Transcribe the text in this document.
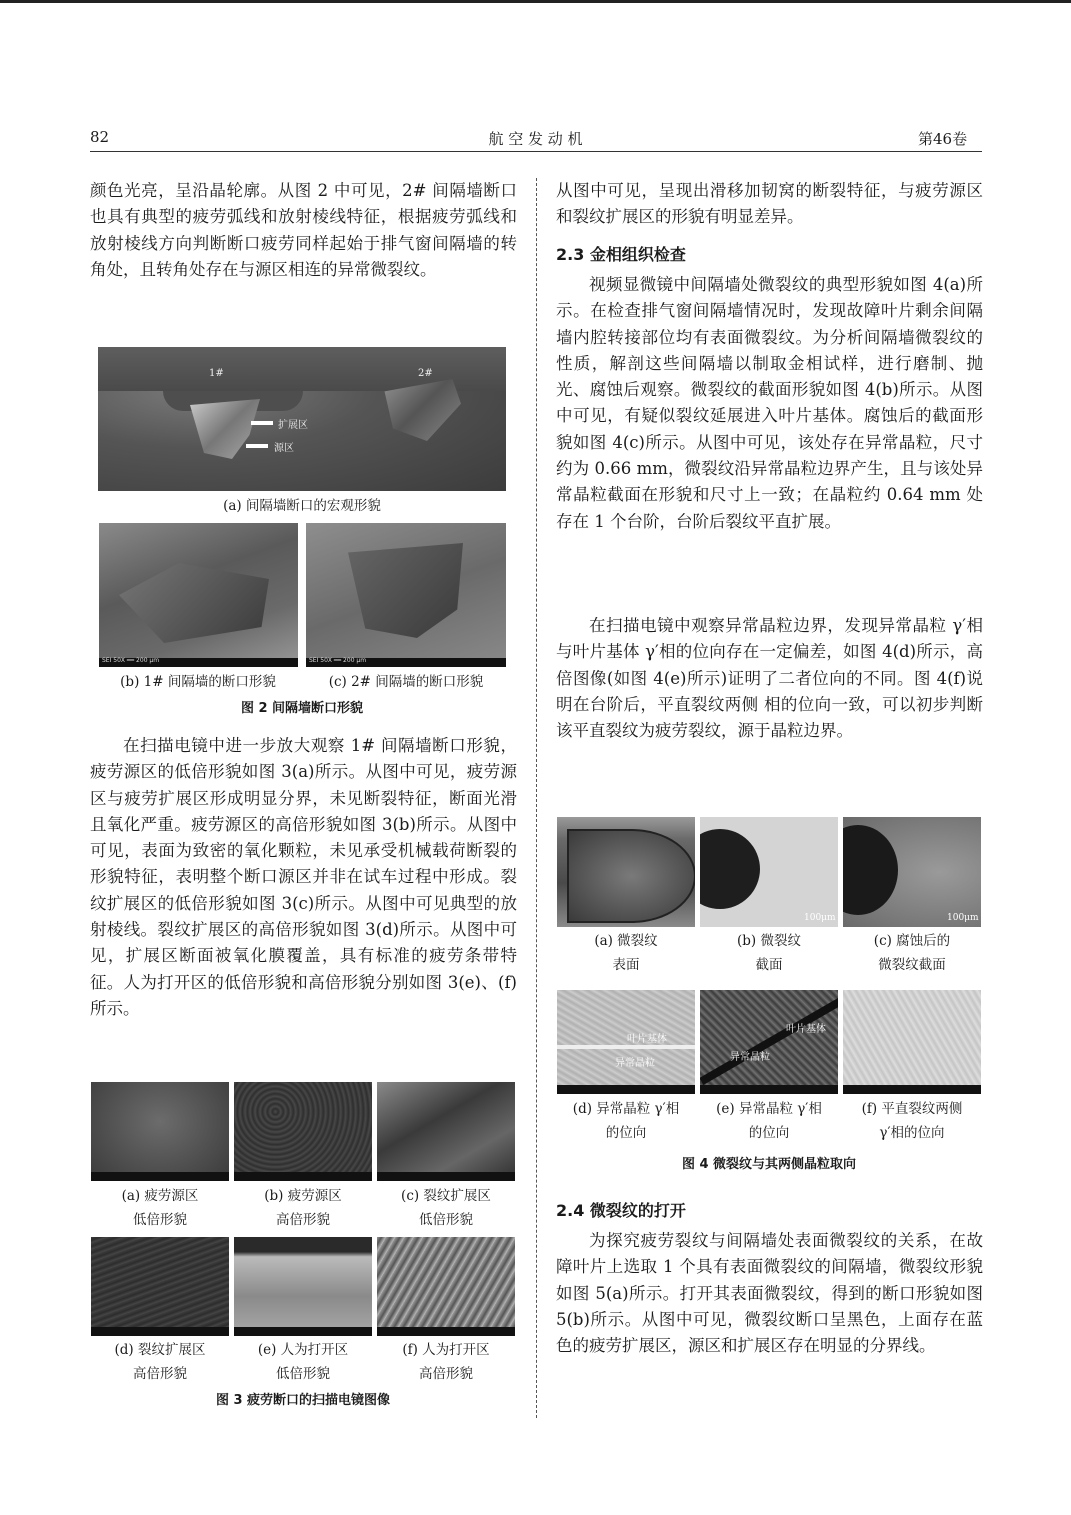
82	航 空 发 动 机	第46卷

颜色光亮，呈沿晶轮廓。从图 2 中可见，2# 间隔墙断口也具有典型的疲劳弧线和放射棱线特征，根据疲劳弧线和放射棱线方向判断断口疲劳同样起始于排气窗间隔墙的转角处，且转角处存在与源区相连的异常微裂纹。

1#	2#
扩展区
源区
(a) 间隔墙断口的宏观形貌
SEI 50X ━━ 200 μm	SEI 50X ━━ 200 μm
(b) 1# 间隔墙的断口形貌	(c) 2# 间隔墙的断口形貌
图 2 间隔墙断口形貌

在扫描电镜中进一步放大观察 1# 间隔墙断口形貌，疲劳源区的低倍形貌如图 3(a)所示。从图中可见，疲劳源区与疲劳扩展区形成明显分界，未见断裂特征，断面光滑且氧化严重。疲劳源区的高倍形貌如图 3(b)所示。从图中可见，表面为致密的氧化颗粒，未见承受机械载荷断裂的形貌特征，表明整个断口源区并非在试车过程中形成。裂纹扩展区的低倍形貌如图 3(c)所示。从图中可见典型的放射棱线。裂纹扩展区的高倍形貌如图 3(d)所示。从图中可见，扩展区断面被氧化膜覆盖，具有标准的疲劳条带特征。人为打开区的低倍形貌和高倍形貌分别如图 3(e)、(f)所示。

(a) 疲劳源区
低倍形貌
(b) 疲劳源区
高倍形貌
(c) 裂纹扩展区
低倍形貌
(d) 裂纹扩展区
高倍形貌
(e) 人为打开区
低倍形貌
(f) 人为打开区
高倍形貌
图 3 疲劳断口的扫描电镜图像

从图中可见，呈现出滑移加韧窝的断裂特征，与疲劳源区和裂纹扩展区的形貌有明显差异。

2.3 金相组织检查

视频显微镜中间隔墙处微裂纹的典型形貌如图 4(a)所示。在检查排气窗间隔墙情况时，发现故障叶片剩余间隔墙内腔转接部位均有表面微裂纹。为分析间隔墙微裂纹的性质，解剖这些间隔墙以制取金相试样，进行磨制、抛光、腐蚀后观察。微裂纹的截面形貌如图 4(b)所示。从图中可见，有疑似裂纹延展进入叶片基体。腐蚀后的截面形貌如图 4(c)所示。从图中可见，该处存在异常晶粒，尺寸约为 0.66 mm，微裂纹沿异常晶粒边界产生，且与该处异常晶粒截面在形貌和尺寸上一致；在晶粒约 0.64 mm 处存在 1 个台阶，台阶后裂纹平直扩展。

在扫描电镜中观察异常晶粒边界，发现异常晶粒 γ′相与叶片基体 γ′相的位向存在一定偏差，如图 4(d)所示，高倍图像(如图 4(e)所示)证明了二者位向的不同。图 4(f)说明在台阶后，平直裂纹两侧 相的位向一致，可以初步判断该平直裂纹为疲劳裂纹，源于晶粒边界。

100μm	100μm
(a) 微裂纹
表面
(b) 微裂纹
截面
(c) 腐蚀后的
微裂纹截面
叶片基体
异常晶粒
叶片基体
异常晶粒
(d) 异常晶粒 γ′相
的位向
(e) 异常晶粒 γ′相
的位向
(f) 平直裂纹两侧
γ′相的位向
图 4 微裂纹与其两侧晶粒取向
2.4 微裂纹的打开

为探究疲劳裂纹与间隔墙处表面微裂纹的关系，在故障叶片上选取 1 个具有表面微裂纹的间隔墙，微裂纹形貌如图 5(a)所示。打开其表面微裂纹，得到的断口形貌如图 5(b)所示。从图中可见，微裂纹断口呈黑色，上面存在蓝色的疲劳扩展区，源区和扩展区存在明显的分界线。
